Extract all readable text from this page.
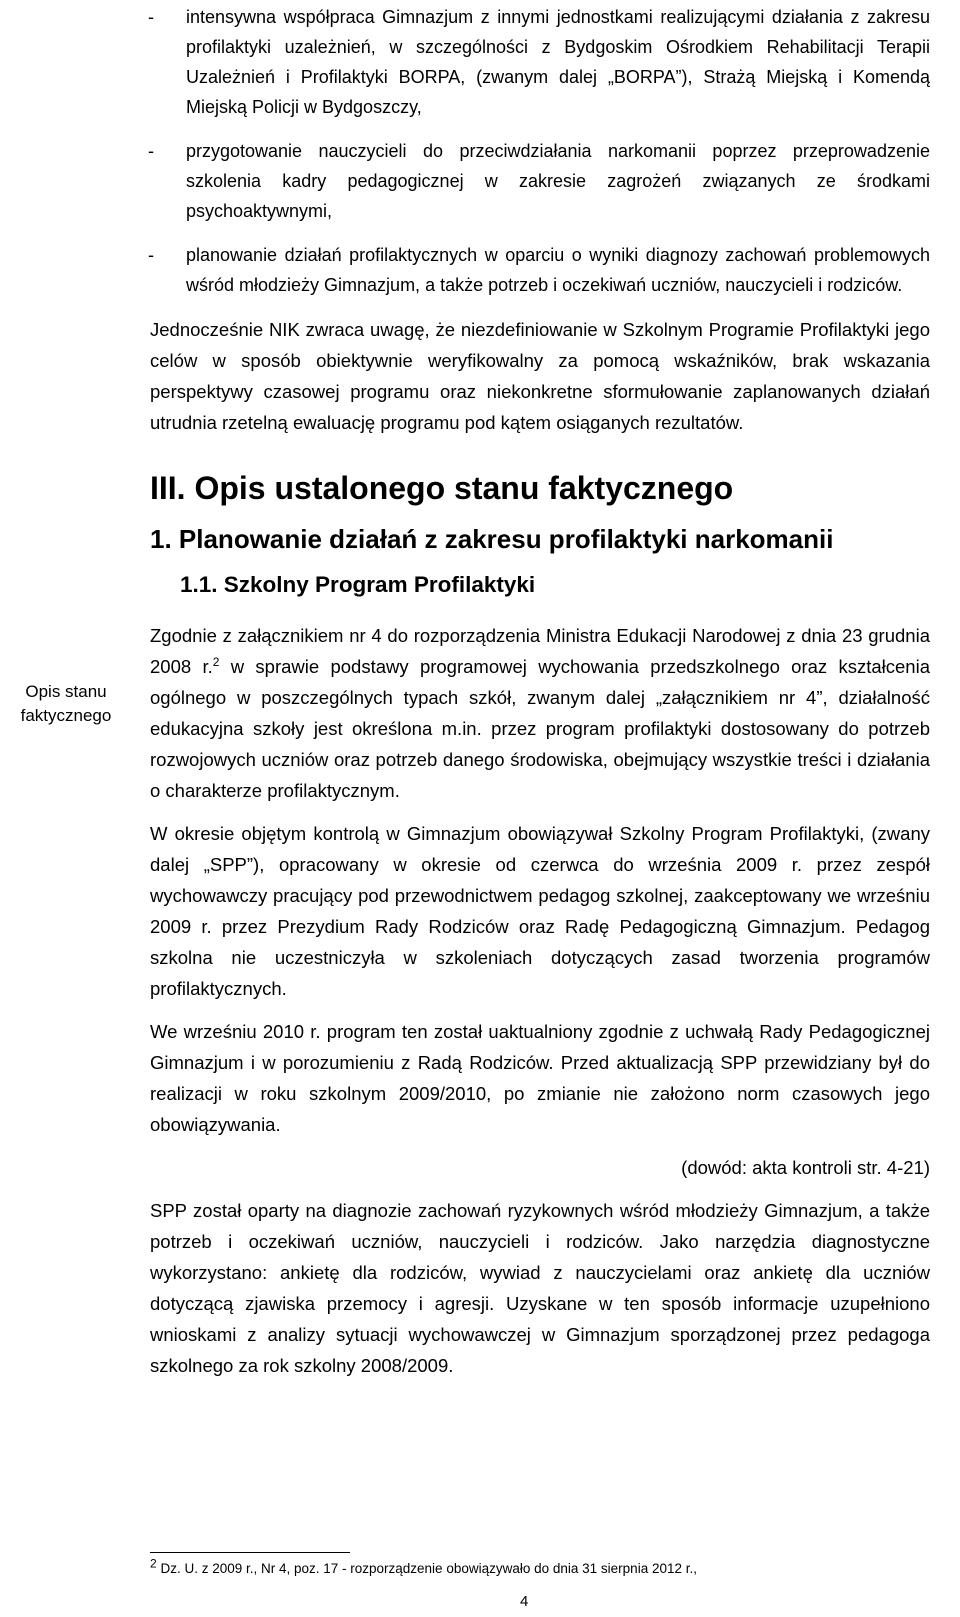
Opis stanu
faktycznego
- intensywna współpraca Gimnazjum z innymi jednostkami realizującymi działania z zakresu profilaktyki uzależnień, w szczególności z Bydgoskim Ośrodkiem Rehabilitacji Terapii Uzależnień i Profilaktyki BORPA, (zwanym dalej „BORPA”), Strażą Miejską i Komendą Miejską Policji w Bydgoszczy,
- przygotowanie nauczycieli do przeciwdziałania narkomanii poprzez przeprowadzenie szkolenia kadry pedagogicznej w zakresie zagrożeń związanych ze środkami psychoaktywnymi,
- planowanie działań profilaktycznych w oparciu o wyniki diagnozy zachowań problemowych wśród młodzieży Gimnazjum, a także potrzeb i oczekiwań uczniów, nauczycieli i rodziców.

Jednocześnie NIK zwraca uwagę, że niezdefiniowanie w Szkolnym Programie Profilaktyki jego celów w sposób obiektywnie weryfikowalny za pomocą wskaźników, brak wskazania perspektywy czasowej programu oraz niekonkretne sformułowanie zaplanowanych działań utrudnia rzetelną ewaluację programu pod kątem osiąganych rezultatów.

III. Opis ustalonego stanu faktycznego
1. Planowanie działań z zakresu profilaktyki narkomanii
1.1. Szkolny Program Profilaktyki

Zgodnie z załącznikiem nr 4 do rozporządzenia Ministra Edukacji Narodowej z dnia 23 grudnia 2008 r.$^2$ w sprawie podstawy programowej wychowania przedszkolnego oraz kształcenia ogólnego w poszczególnych typach szkół, zwanym dalej „załącznikiem nr 4”, działalność edukacyjna szkoły jest określona m.in. przez program profilaktyki dostosowany do potrzeb rozwojowych uczniów oraz potrzeb danego środowiska, obejmujący wszystkie treści i działania o charakterze profilaktycznym.

W okresie objętym kontrolą w Gimnazjum obowiązywał Szkolny Program Profilaktyki, (zwany dalej „SPP”), opracowany w okresie od czerwca do września 2009 r. przez zespół wychowawczy pracujący pod przewodnictwem pedagog szkolnej, zaakceptowany we wrześniu 2009 r. przez Prezydium Rady Rodziców oraz Radę Pedagogiczną Gimnazjum. Pedagog szkolna nie uczestniczyła w szkoleniach dotyczących zasad tworzenia programów profilaktycznych.

We wrześniu 2010 r. program ten został uaktualniony zgodnie z uchwałą Rady Pedagogicznej Gimnazjum i w porozumieniu z Radą Rodziców. Przed aktualizacją SPP przewidziany był do realizacji w roku szkolnym 2009/2010, po zmianie nie założono norm czasowych jego obowiązywania.

(dowód: akta kontroli str. 4-21)

SPP został oparty na diagnozie zachowań ryzykownych wśród młodzieży Gimnazjum, a także potrzeb i oczekiwań uczniów, nauczycieli i rodziców. Jako narzędzia diagnostyczne wykorzystano: ankietę dla rodziców, wywiad z nauczycielami oraz ankietę dla uczniów dotyczącą zjawiska przemocy i agresji. Uzyskane w ten sposób informacje uzupełniono wnioskami z analizy sytuacji wychowawczej w Gimnazjum sporządzonej przez pedagoga szkolnego za rok szkolny 2008/2009.

$^2$ Dz. U. z 2009 r., Nr 4, poz. 17 - rozporządzenie obowiązywało do dnia 31 sierpnia 2012 r.,
4
